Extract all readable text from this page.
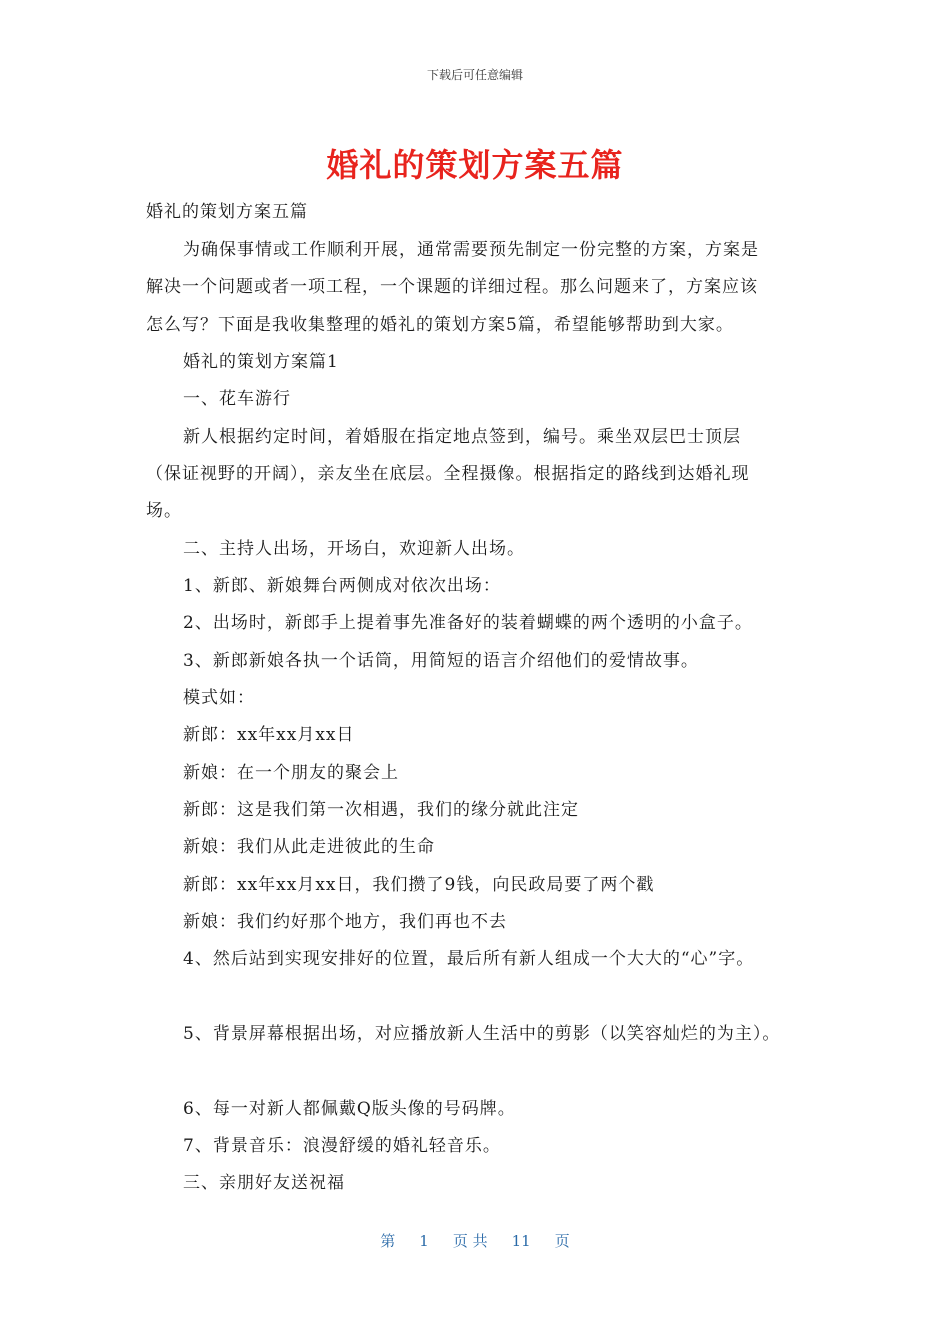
下载后可任意编辑
婚礼的策划方案五篇
婚礼的策划方案五篇
为确保事情或工作顺利开展，通常需要预先制定一份完整的方案，方案是
解决一个问题或者一项工程，一个课题的详细过程。那么问题来了，方案应该
怎么写？下面是我收集整理的婚礼的策划方案5篇，希望能够帮助到大家。
婚礼的策划方案篇1
一、花车游行
新人根据约定时间，着婚服在指定地点签到，编号。乘坐双层巴士顶层
（保证视野的开阔），亲友坐在底层。全程摄像。根据指定的路线到达婚礼现
场。
二、主持人出场，开场白，欢迎新人出场。
1、新郎、新娘舞台两侧成对依次出场：
2、出场时，新郎手上提着事先准备好的装着蝴蝶的两个透明的小盒子。
3、新郎新娘各执一个话筒，用简短的语言介绍他们的爱情故事。
模式如：
新郎：xx年xx月xx日
新娘：在一个朋友的聚会上
新郎：这是我们第一次相遇，我们的缘分就此注定
新娘：我们从此走进彼此的生命
新郎：xx年xx月xx日，我们攒了9钱，向民政局要了两个戳
新娘：我们约好那个地方，我们再也不去
4、然后站到实现安排好的位置，最后所有新人组成一个大大的“心”字。
5、背景屏幕根据出场，对应播放新人生活中的剪影（以笑容灿烂的为主）。
6、每一对新人都佩戴Q版头像的号码牌。
7、背景音乐：浪漫舒缓的婚礼轻音乐。
三、亲朋好友送祝福
第 1 页 共 11 页
